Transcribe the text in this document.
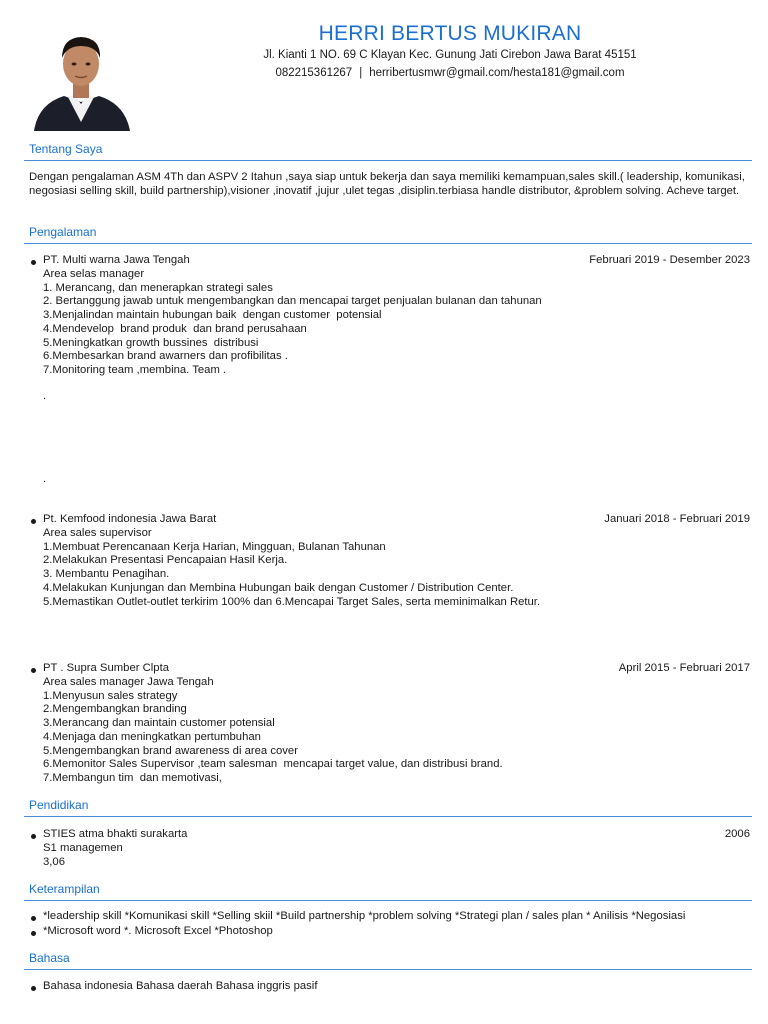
HERRI BERTUS MUKIRAN
Jl. Kianti 1 NO. 69 C Klayan Kec. Gunung Jati Cirebon Jawa Barat 45151
082215361267 | herribertusmwr@gmail.com/hesta181@gmail.com
Tentang Saya
Dengan pengalaman ASM 4Th dan ASPV 2 Itahun ,saya siap untuk bekerja dan saya memiliki kemampuan,sales skill.( leadership, komunikasi, negosiasi selling skill, build partnership),visioner ,inovatif ,jujur ,ulet tegas ,disiplin.terbiasa handle distributor, &problem solving. Acheve target.
Pengalaman
PT. Multi warna Jawa Tengah	Februari 2019 - Desember 2023
Area selas manager
1. Merancang, dan menerapkan strategi sales
2. Bertanggung jawab untuk mengembangkan dan mencapai target penjualan bulanan dan tahunan
3.Menjalindan maintain hubungan baik  dengan customer  potensial
4.Mendevelop  brand produk  dan brand perusahaan
5.Meningkatkan growth bussines  distribusi
6.Membesarkan brand awarners dan profibilitas .
7.Monitoring team ,membina. Team .
.
.
Pt. Kemfood indonesia Jawa Barat	Januari 2018 - Februari 2019
Area sales supervisor
1.Membuat Perencanaan Kerja Harian, Mingguan, Bulanan Tahunan
2.Melakukan Presentasi Pencapaian Hasil Kerja.
3. Membantu Penagihan.
4.Melakukan Kunjungan dan Membina Hubungan baik dengan Customer / Distribution Center.
5.Memastikan Outlet-outlet terkirim 100% dan 6.Mencapai Target Sales, serta meminimalkan Retur.
PT . Supra Sumber Clpta	April 2015 - Februari 2017
Area sales manager Jawa Tengah
1.Menyusun sales strategy
2.Mengembangkan branding
3.Merancang dan maintain customer potensial
4.Menjaga dan meningkatkan pertumbuhan
5.Mengembangkan brand awareness di area cover
6.Memonitor Sales Supervisor ,team salesman  mencapai target value, dan distribusi brand.
7.Membangun tim  dan memotivasi,
Pendidikan
STIES atma bhakti surakarta	2006
S1 managemen
3,06
Keterampilan
*leadership skill *Komunikasi skill *Selling skiil *Build partnership *problem solving *Strategi plan / sales plan * Anilisis *Negosiasi
*Microsoft word *. Microsoft Excel *Photoshop
Bahasa
Bahasa indonesia Bahasa daerah Bahasa inggris pasif
